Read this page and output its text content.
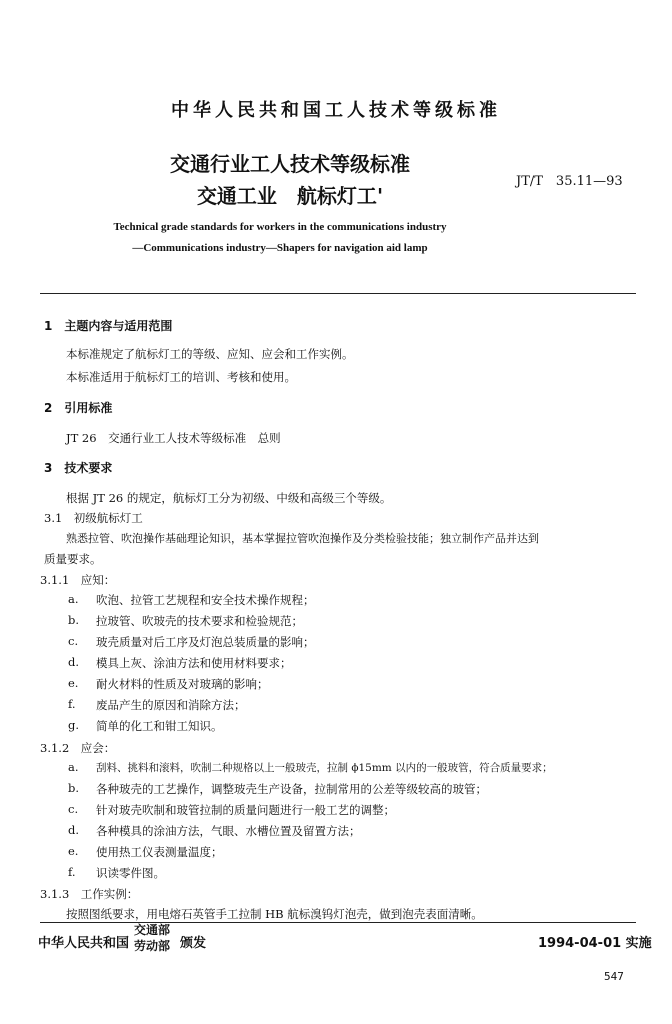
中华人民共和国工人技术等级标准
交通行业工人技术等级标准
交通工业　航标灯工'
JT/T　35.11—93
Technical grade standards for workers in the communications industry
—Communications industry—Shapers for navigation aid lamp
1　主题内容与适用范围
本标准规定了航标灯工的等级、应知、应会和工作实例。
本标准适用于航标灯工的培训、考核和使用。
2　引用标准
JT 26　交通行业工人技术等级标准　总则
3　技术要求
根据 JT 26 的规定，航标灯工分为初级、中级和高级三个等级。
3.1　初级航标灯工
熟悉拉管、吹泡操作基础理论知识，基本掌握拉管吹泡操作及分类检验技能；独立制作产品并达到
质量要求。
3.1.1　应知：
a. 吹泡、拉管工艺规程和安全技术操作规程；
b. 拉玻管、吹玻壳的技术要求和检验规范；
c. 玻壳质量对后工序及灯泡总装质量的影响；
d. 模具上灰、涂油方法和使用材料要求；
e. 耐火材料的性质及对玻璃的影响；
f. 废品产生的原因和消除方法；
g. 简单的化工和钳工知识。
3.1.2　应会：
a. 刮料、挑料和滚料，吹制二种规格以上一般玻壳，拉制 ϕ15mm 以内的一般玻管，符合质量要求；
b. 各种玻壳的工艺操作，调整玻壳生产设备，拉制常用的公差等级较高的玻管；
c. 针对玻壳吹制和玻管拉制的质量问题进行一般工艺的调整；
d. 各种模具的涂油方法，气眼、水槽位置及留置方法；
e. 使用热工仪表测量温度；
f. 识读零件图。
3.1.3　工作实例：
按照图纸要求，用电熔石英管手工拉制 HB 航标溴钨灯泡壳，做到泡壳表面清晰。
中华人民共和国
交通部
劳动部 颁发	1994-04-01 实施
547
